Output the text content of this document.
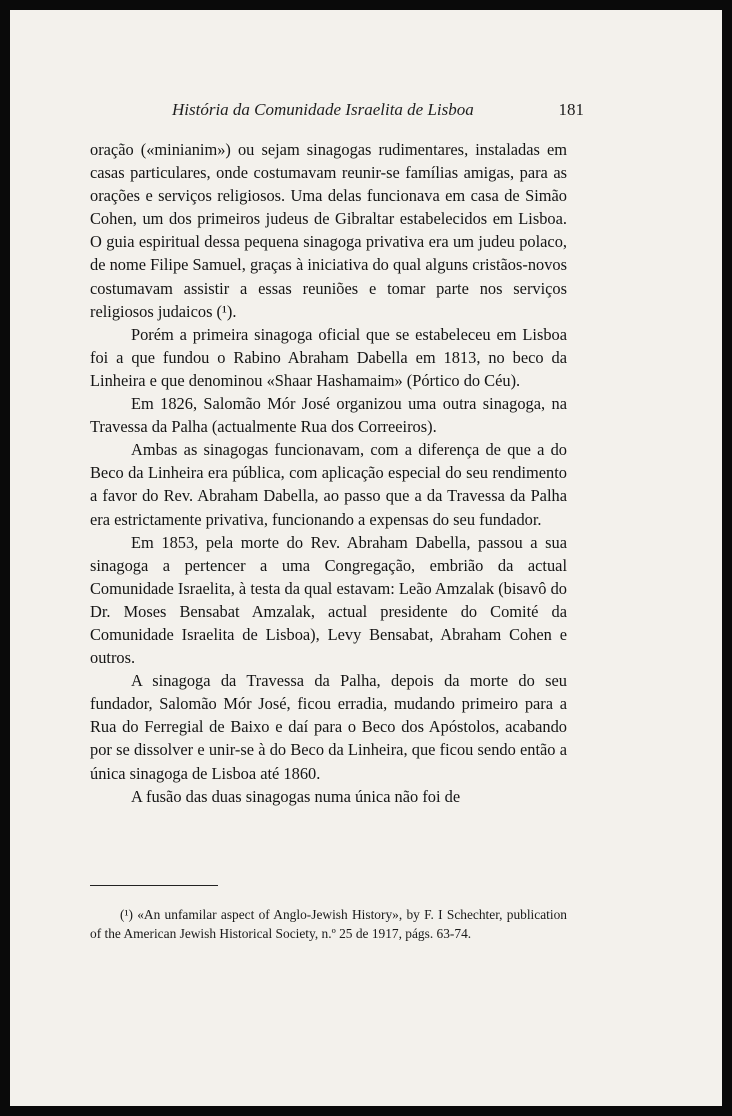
História da Comunidade Israelita de Lisboa	181

oração («minianim») ou sejam sinagogas rudimentares, instaladas em casas particulares, onde costumavam reunir-se famílias amigas, para as orações e serviços religiosos. Uma delas funcionava em casa de Simão Cohen, um dos primeiros judeus de Gibraltar estabelecidos em Lisboa. O guia espiritual dessa pequena sinagoga privativa era um judeu polaco, de nome Filipe Samuel, graças à iniciativa do qual alguns cristãos-novos costumavam assistir a essas reuniões e tomar parte nos serviços religiosos judaicos (¹).

Porém a primeira sinagoga oficial que se estabeleceu em Lisboa foi a que fundou o Rabino Abraham Dabella em 1813, no beco da Linheira e que denominou «Shaar Hashamaim» (Pórtico do Céu).

Em 1826, Salomão Mór José organizou uma outra sinagoga, na Travessa da Palha (actualmente Rua dos Correeiros).

Ambas as sinagogas funcionavam, com a diferença de que a do Beco da Linheira era pública, com aplicação especial do seu rendimento a favor do Rev. Abraham Dabella, ao passo que a da Travessa da Palha era estrictamente privativa, funcionando a expensas do seu fundador.

Em 1853, pela morte do Rev. Abraham Dabella, passou a sua sinagoga a pertencer a uma Congregação, embrião da actual Comunidade Israelita, à testa da qual estavam: Leão Amzalak (bisavô do Dr. Moses Bensabat Amzalak, actual presidente do Comité da Comunidade Israelita de Lisboa), Levy Bensabat, Abraham Cohen e outros.

A sinagoga da Travessa da Palha, depois da morte do seu fundador, Salomão Mór José, ficou erradia, mudando primeiro para a Rua do Ferregial de Baixo e daí para o Beco dos Apóstolos, acabando por se dissolver e unir-se à do Beco da Linheira, que ficou sendo então a única sinagoga de Lisboa até 1860.

A fusão das duas sinagogas numa única não foi de

(¹) «An unfamilar aspect of Anglo-Jewish History», by F. I Schechter, publication of the American Jewish Historical Society, n.º 25 de 1917, págs. 63-74.
